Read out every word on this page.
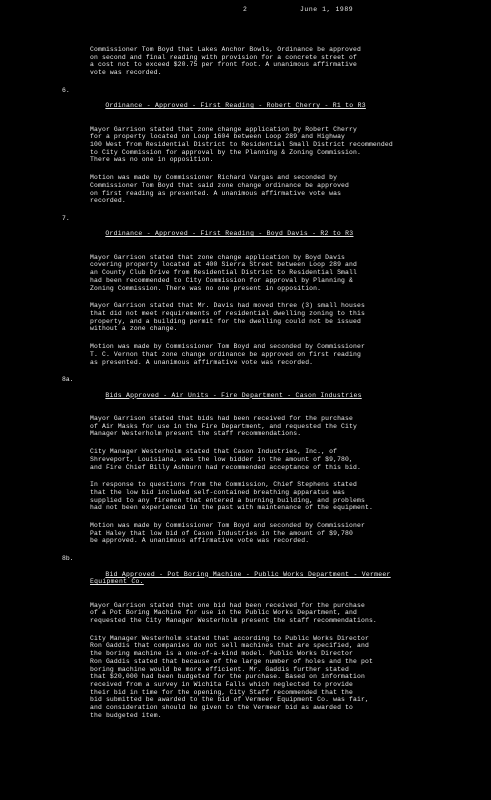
2	June 1, 1989

Commissioner Tom Boyd that Lakes Anchor Bowls, Ordinance be approved
on second and final reading with provision for a concrete street of
a cost not to exceed $20.75 per front foot. A unanimous affirmative
vote was recorded.

6.

Ordinance - Approved - First Reading - Robert Cherry - R1 to R3

Mayor Garrison stated that zone change application by Robert Cherry
for a property located on Loop 1604 between Loop 289 and Highway
100 West from Residential District to Residential Small District recommended
to City Commission for approval by the Planning & Zoning Commission.
There was no one in opposition.

Motion was made by Commissioner Richard Vargas and seconded by
Commissioner Tom Boyd that said zone change ordinance be approved
on first reading as presented. A unanimous affirmative vote was
recorded.

7.

Ordinance - Approved - First Reading - Boyd Davis - R2 to R3

Mayor Garrison stated that zone change application by Boyd Davis
covering property located at 400 Sierra Street between Loop 289 and
an County Club Drive from Residential District to Residential Small
had been recommended to City Commission for approval by Planning &
Zoning Commission. There was no one present in opposition.

Mayor Garrison stated that Mr. Davis had moved three (3) small houses
that did not meet requirements of residential dwelling zoning to this
property, and a building permit for the dwelling could not be issued
without a zone change.

Motion was made by Commissioner Tom Boyd and seconded by Commissioner
T. C. Vernon that zone change ordinance be approved on first reading
as presented. A unanimous affirmative vote was recorded.

8a.

Bids Approved - Air Units - Fire Department - Cason Industries

Mayor Garrison stated that bids had been received for the purchase
of Air Masks for use in the Fire Department, and requested the City
Manager Westerholm present the staff recommendations.

City Manager Westerholm stated that Cason Industries, Inc., of
Shreveport, Louisiana, was the low bidder in the amount of $9,780,
and Fire Chief Billy Ashburn had recommended acceptance of this bid.

In response to questions from the Commission, Chief Stephens stated
that the low bid included self-contained breathing apparatus was
supplied to any firemen that entered a burning building, and problems
had not been experienced in the past with maintenance of the equipment.

Motion was made by Commissioner Tom Boyd and seconded by Commissioner
Pat Haley that low bid of Cason Industries in the amount of $9,780
be approved. A unanimous affirmative vote was recorded.

8b.

Bid Approved - Pot Boring Machine - Public Works Department - Vermeer
Equipment Co.

Mayor Garrison stated that one bid had been received for the purchase
of a Pot Boring Machine for use in the Public Works Department, and
requested the City Manager Westerholm present the staff recommendations.

City Manager Westerholm stated that according to Public Works Director
Ron Gaddis that companies do not sell machines that are specified, and
the boring machine is a one-of-a-kind model. Public Works Director
Ron Gaddis stated that because of the large number of holes and the pot
boring machine would be more efficient. Mr. Gaddis further stated
that $20,000 had been budgeted for the purchase. Based on information
received from a survey in Wichita Falls which neglected to provide
their bid in time for the opening, City Staff recommended that the
bid submitted be awarded to the bid of Vermeer Equipment Co. was fair,
and consideration should be given to the Vermeer bid as awarded to
the budgeted item.
